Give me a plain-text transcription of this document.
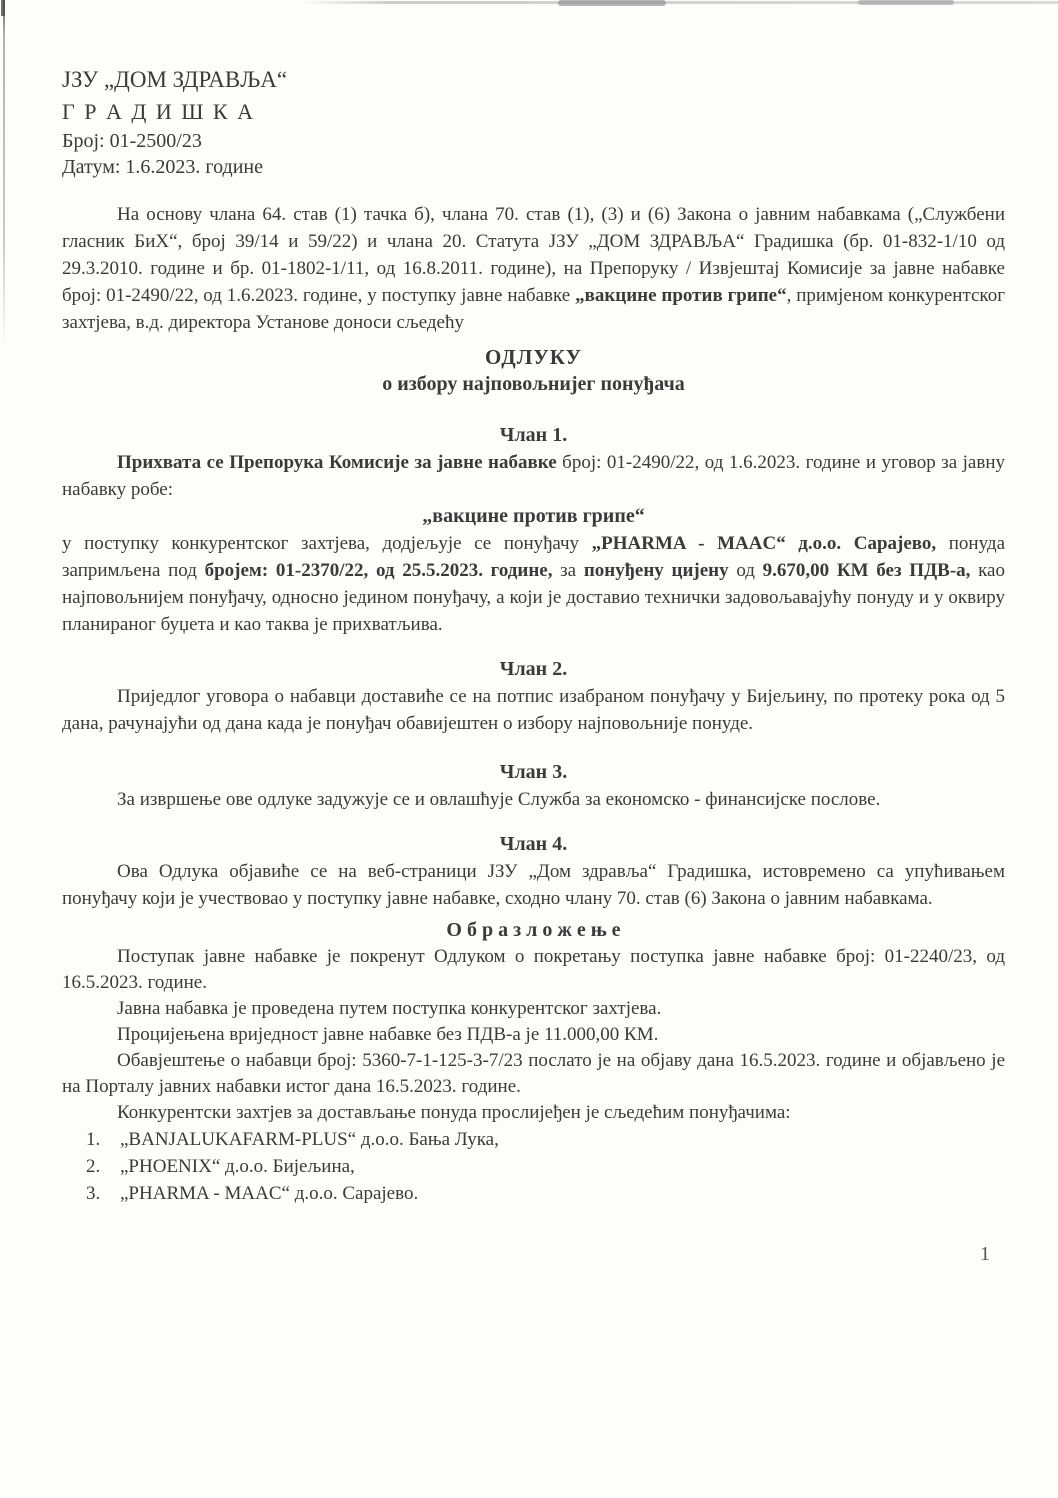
ЈЗУ „ДОМ ЗДРАВЉА“
Г Р А Д И Ш К А
Број: 01-2500/23
Датум: 1.6.2023. године

На основу члана 64. став (1) тачка б), члана 70. став (1), (3) и (6) Закона о јавним набавкама („Службени гласник БиХ“, број 39/14 и 59/22) и члана 20. Статута ЈЗУ „ДОМ ЗДРАВЉА“ Градишка (бр. 01-832-1/10 од 29.3.2010. године и бр. 01-1802-1/11, од 16.8.2011. године), на Препоруку / Извјештај Комисије за јавне набавке број: 01-2490/22, од 1.6.2023. године, у поступку јавне набавке „вакцине против грипе“, примјеном конкурентског захтјева, в.д. директора Установе доноси сљедећу

ОДЛУКУ

о избору најповољнијег понуђача

Члан 1.

Прихвата се Препорука Комисије за јавне набавке број: 01-2490/22, од 1.6.2023. године и уговор за јавну набавку робе:

„вакцине против грипе“

у поступку конкурентског захтјева, додјељује се понуђачу „PHARMA - MAAC“ д.о.о. Сарајево, понуда запримљена под бројем: 01-2370/22, од 25.5.2023. године, за понуђену цијену од 9.670,00 КМ без ПДВ-а, као најповољнијем понуђачу, односно једином понуђачу, а који је доставио технички задовољавајућу понуду и у оквиру планираног буџета и као таква је прихватљива.

Члан 2.

Приједлог уговора о набавци доставиће се на потпис изабраном понуђачу у Бијељину, по протеку рока од 5 дана, рачунајући од дана када је понуђач обавијештен о избору најповољније понуде.

Члан 3.

За извршење ове одлуке задужује се и овлашћује Служба за економско - финансијске послове.

Члан 4.

Ова Одлука објавиће се на веб-страници ЈЗУ „Дом здравља“ Градишка, истовремено са упућивањем понуђачу који је учествовао у поступку јавне набавке, сходно члану 70. став (6) Закона о јавним набавкама.

О б р а з л о ж е њ е

Поступак јавне набавке је покренут Одлуком о покретању поступка јавне набавке број: 01-2240/23, од 16.5.2023. године.

Јавна набавка је проведена путем поступка конкурентског захтјева.

Процијењена вриједност јавне набавке без ПДВ-а је 11.000,00 КМ.

Обавјештење о набавци број: 5360-7-1-125-3-7/23 послато је на објаву дана 16.5.2023. године и објављено је на Порталу јавних набавки истог дана 16.5.2023. године.

Конкурентски захтјев за достављање понуда прослијеђен је сљедећим понуђачима:

„BANJALUKAFARM-PLUS“ д.о.о. Бања Лука,
„PHOENIX“ д.о.о. Бијељина,
„PHARMA - MAAC“ д.о.о. Сарајево.
1
